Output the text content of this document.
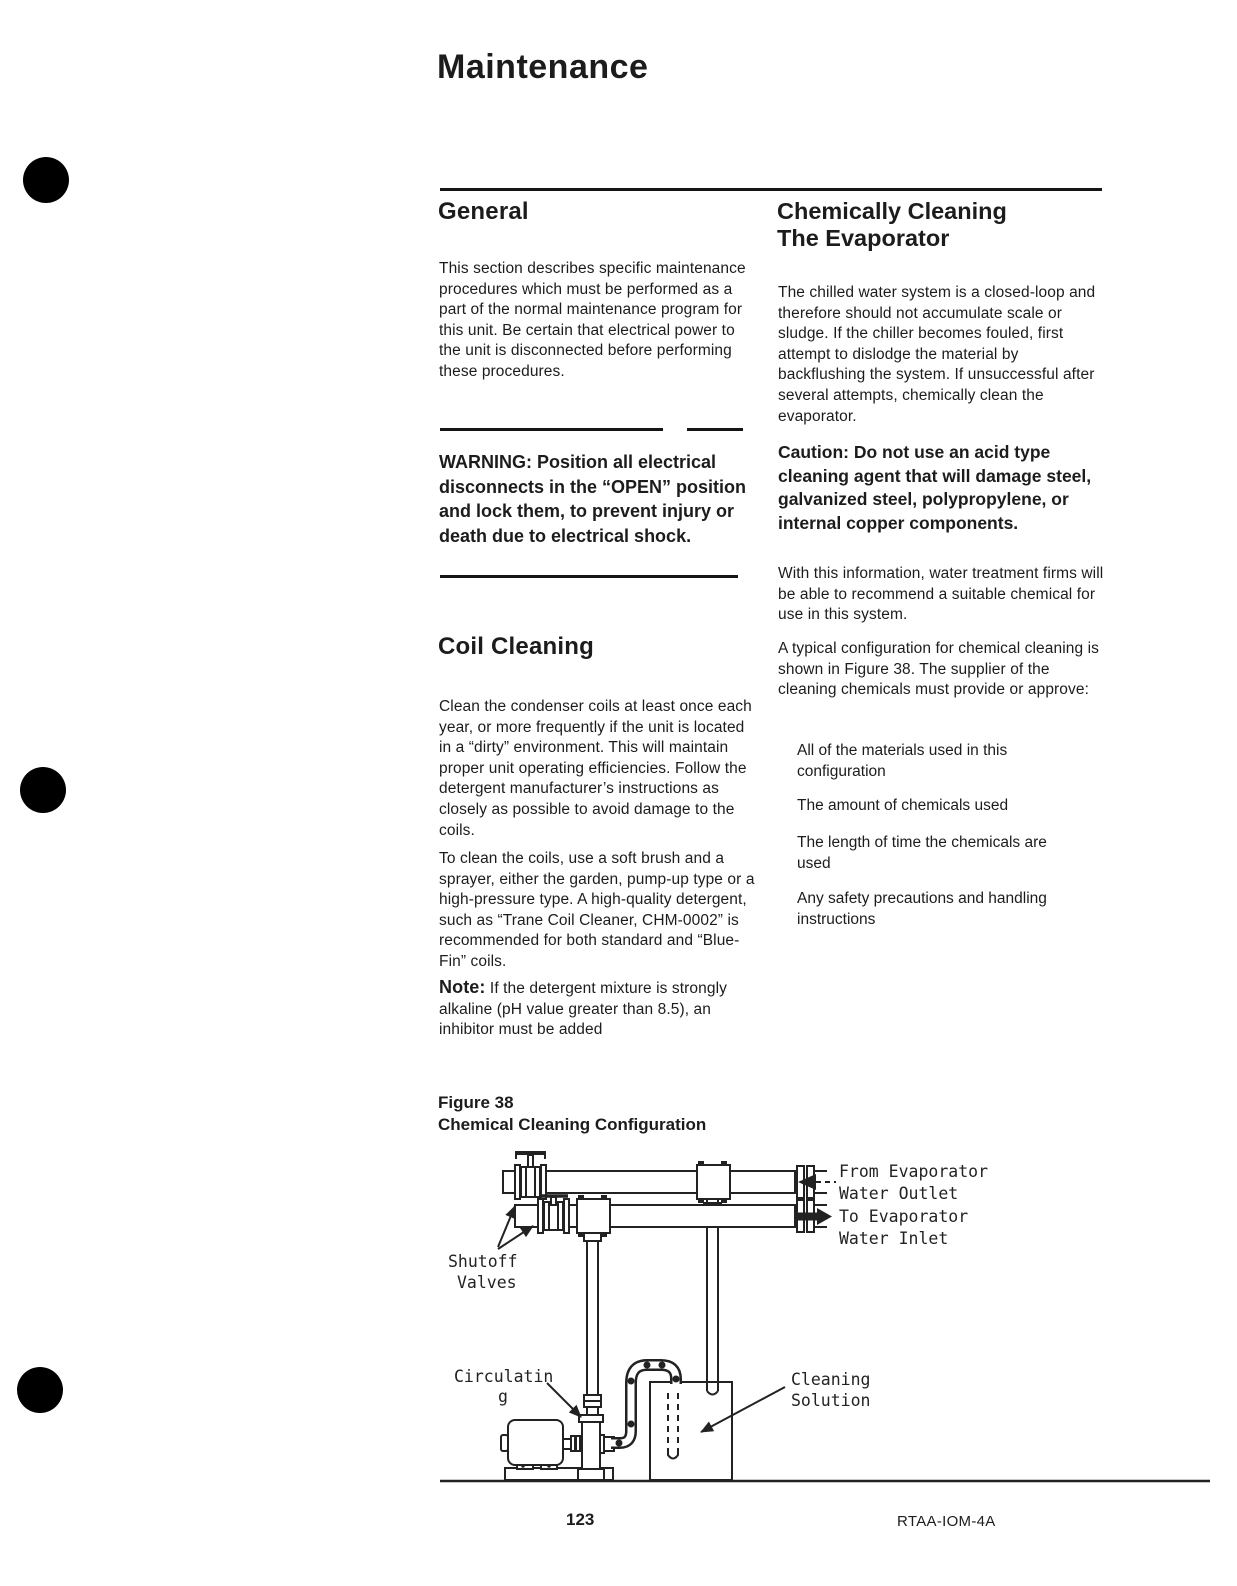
Maintenance
General
This section describes specific maintenance procedures which must be performed as a part of the normal maintenance program for this unit. Be certain that electrical power to the unit is disconnected before performing these procedures.
WARNING: Position all electrical disconnects in the “OPEN” position and lock them, to prevent injury or death due to electrical shock.
Coil Cleaning
Clean the condenser coils at least once each year, or more frequently if the unit is located in a “dirty” environment. This will maintain proper unit operating efficiencies. Follow the detergent manufacturer’s instructions as closely as possible to avoid damage to the coils.
To clean the coils, use a soft brush and a sprayer, either the garden, pump-up type or a high-pressure type. A high-quality detergent, such as “Trane Coil Cleaner, CHM-0002” is recommended for both standard and “Blue-Fin” coils.
Note: If the detergent mixture is strongly alkaline (pH value greater than 8.5), an inhibitor must be added
Chemically Cleaning
The Evaporator
The chilled water system is a closed-loop and therefore should not accumulate scale or sludge. If the chiller becomes fouled, first attempt to dislodge the material by backflushing the system. If unsuccessful after several attempts, chemically clean the evaporator.
Caution: Do not use an acid type cleaning agent that will damage steel, galvanized steel, polypropylene, or internal copper components.
With this information, water treatment firms will be able to recommend a suitable chemical for use in this system.
A typical configuration for chemical cleaning is shown in Figure 38. The supplier of the cleaning chemicals must provide or approve:
All of the materials used in this configuration
The amount of chemicals used
The length of time the chemicals are used
Any safety precautions and handling instructions
Figure 38
Chemical Cleaning Configuration
From Evaporator
Water Outlet
To Evaporator
Water Inlet
Shutoff
Valves
Circulatin
g
Cleaning
Solution
123	RTAA-IOM-4A
